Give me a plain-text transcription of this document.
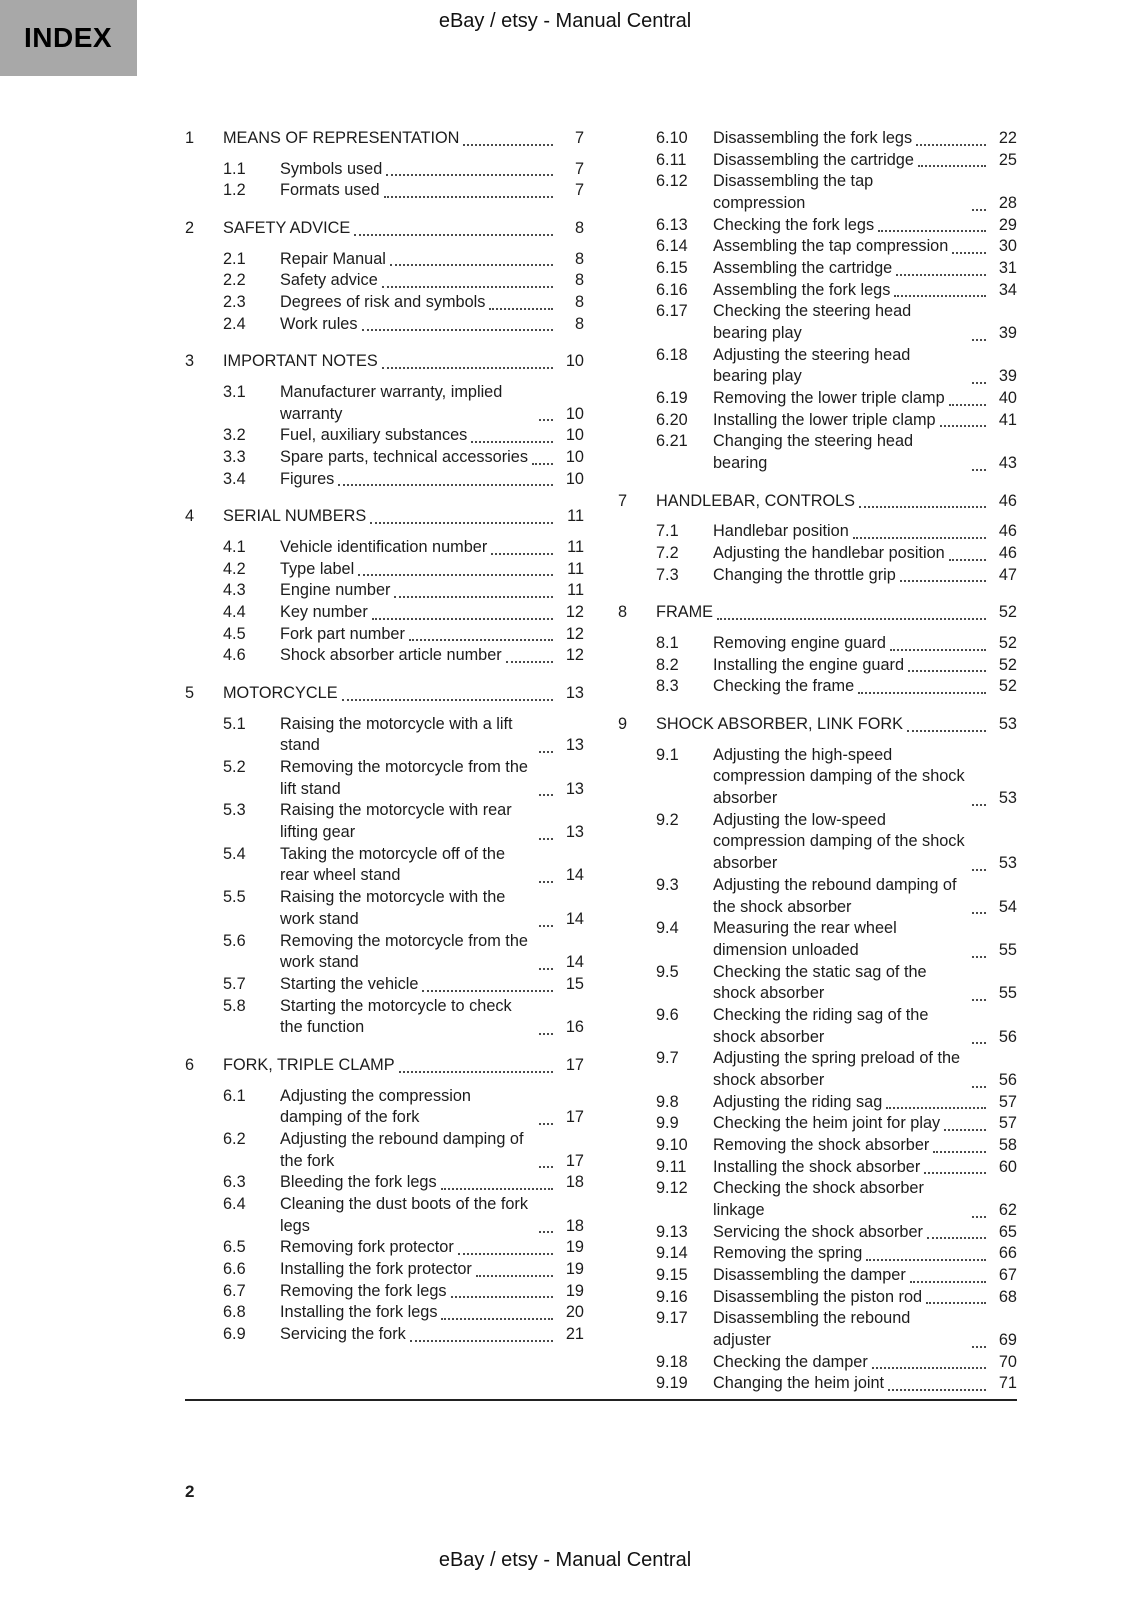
INDEX
eBay / etsy - Manual Central
1	MEANS OF REPRESENTATION	7
1.1	Symbols used	7
1.2	Formats used	7
2	SAFETY ADVICE	8
2.1	Repair Manual	8
2.2	Safety advice	8
2.3	Degrees of risk and symbols	8
2.4	Work rules	8
3	IMPORTANT NOTES	10
3.1	Manufacturer warranty, implied warranty	10
3.2	Fuel, auxiliary substances	10
3.3	Spare parts, technical accessories	10
3.4	Figures	10
4	SERIAL NUMBERS	11
4.1	Vehicle identification number	11
4.2	Type label	11
4.3	Engine number	11
4.4	Key number	12
4.5	Fork part number	12
4.6	Shock absorber article number	12
5	MOTORCYCLE	13
5.1	Raising the motorcycle with a lift stand	13
5.2	Removing the motorcycle from the lift stand	13
5.3	Raising the motorcycle with rear lifting gear	13
5.4	Taking the motorcycle off of the rear wheel stand	14
5.5	Raising the motorcycle with the work stand	14
5.6	Removing the motorcycle from the work stand	14
5.7	Starting the vehicle	15
5.8	Starting the motorcycle to check the function	16
6	FORK, TRIPLE CLAMP	17
6.1	Adjusting the compression damping of the fork	17
6.2	Adjusting the rebound damping of the fork	17
6.3	Bleeding the fork legs	18
6.4	Cleaning the dust boots of the fork legs	18
6.5	Removing fork protector	19
6.6	Installing the fork protector	19
6.7	Removing the fork legs	19
6.8	Installing the fork legs	20
6.9	Servicing the fork	21
6.10	Disassembling the fork legs	22
6.11	Disassembling the cartridge	25
6.12	Disassembling the tap compression	28
6.13	Checking the fork legs	29
6.14	Assembling the tap compression	30
6.15	Assembling the cartridge	31
6.16	Assembling the fork legs	34
6.17	Checking the steering head bearing play	39
6.18	Adjusting the steering head bearing play	39
6.19	Removing the lower triple clamp	40
6.20	Installing the lower triple clamp	41
6.21	Changing the steering head bearing	43
7	HANDLEBAR, CONTROLS	46
7.1	Handlebar position	46
7.2	Adjusting the handlebar position	46
7.3	Changing the throttle grip	47
8	FRAME	52
8.1	Removing engine guard	52
8.2	Installing the engine guard	52
8.3	Checking the frame	52
9	SHOCK ABSORBER, LINK FORK	53
9.1	Adjusting the high-speed compression damping of the shock absorber	53
9.2	Adjusting the low-speed compression damping of the shock absorber	53
9.3	Adjusting the rebound damping of the shock absorber	54
9.4	Measuring the rear wheel dimension unloaded	55
9.5	Checking the static sag of the shock absorber	55
9.6	Checking the riding sag of the shock absorber	56
9.7	Adjusting the spring preload of the shock absorber	56
9.8	Adjusting the riding sag	57
9.9	Checking the heim joint for play	57
9.10	Removing the shock absorber	58
9.11	Installing the shock absorber	60
9.12	Checking the shock absorber linkage	62
9.13	Servicing the shock absorber	65
9.14	Removing the spring	66
9.15	Disassembling the damper	67
9.16	Disassembling the piston rod	68
9.17	Disassembling the rebound adjuster	69
9.18	Checking the damper	70
9.19	Changing the heim joint	71
2
eBay / etsy - Manual Central
